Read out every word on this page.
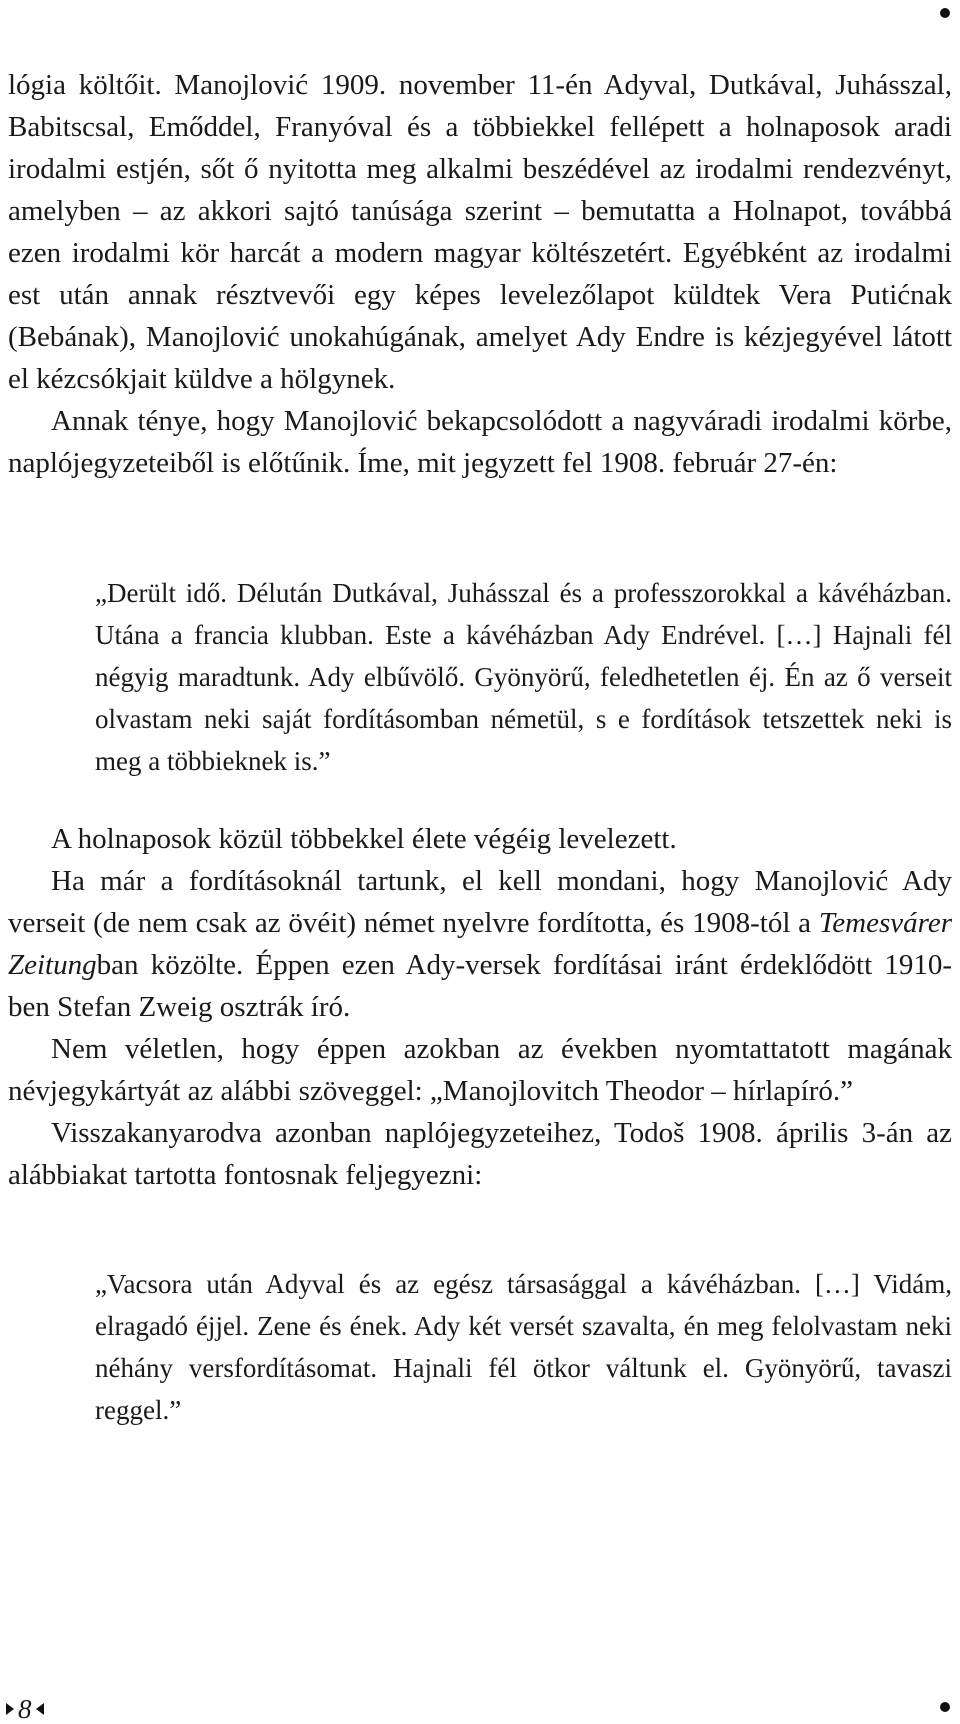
lógia költőit. Manojlović 1909. november 11-én Adyval, Dutkával, Juhásszal, Babitscsal, Emőddel, Franyóval és a többiekkel fellépett a holnaposok aradi irodalmi estjén, sőt ő nyitotta meg alkalmi beszédével az irodalmi rendezvényt, amelyben – az akkori sajtó tanúsága szerint – bemutatta a Holnapot, továbbá ezen irodalmi kör harcát a modern magyar költészetért. Egyébként az irodalmi est után annak résztvevői egy képes levelezőlapot küldtek Vera Putićnak (Bebának), Manojlović unokahúgának, amelyet Ady Endre is kézjegyével látott el kézcsókjait küldve a hölgynek.

Annak ténye, hogy Manojlović bekapcsolódott a nagyváradi irodalmi körbe, naplójegyzeteiből is előtűnik. Íme, mit jegyzett fel 1908. február 27-én:

„Derült idő. Délután Dutkával, Juhásszal és a professzorokkal a kávéházban. Utána a francia klubban. Este a kávéházban Ady Endrével. […] Hajnali fél négyig maradtunk. Ady elbűvölő. Gyönyörű, feledhetetlen éj. Én az ő verseit olvastam neki saját fordításomban németül, s e fordítások tetszettek neki is meg a többieknek is.”

A holnaposok közül többekkel élete végéig levelezett.

Ha már a fordításoknál tartunk, el kell mondani, hogy Manojlović Ady verseit (de nem csak az övéit) német nyelvre fordította, és 1908-tól a Temesvárer Zeitungban közölte. Éppen ezen Ady-versek fordításai iránt érdeklődött 1910-ben Stefan Zweig osztrák író.

Nem véletlen, hogy éppen azokban az években nyomtattatott magának névjegykártyát az alábbi szöveggel: „Manojlovitch Theodor – hírlapíró.”

Visszakanyarodva azonban naplójegyzeteihez, Todoš 1908. április 3-án az alábbiakat tartotta fontosnak feljegyezni:

„Vacsora után Adyval és az egész társasággal a kávéházban. […] Vidám, elragadó éjjel. Zene és ének. Ady két versét szavalta, én meg felolvastam neki néhány versfordításomat. Hajnali fél ötkor váltunk el. Gyönyörű, tavaszi reggel.”

8
